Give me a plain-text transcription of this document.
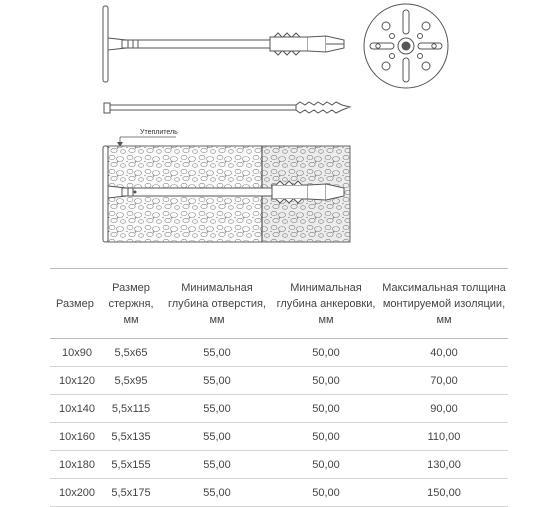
Утеплитель
Размер	Размер стержня, мм	Минимальная глубина отверстия, мм	Минимальная глубина анкеровки, мм	Максимальная толщина монтируемой изоляции, мм
10x90	5,5x65	55,00	50,00	40,00
10x120	5,5x95	55,00	50,00	70,00
10x140	5,5x115	55,00	50,00	90,00
10x160	5,5x135	55,00	50,00	110,00
10x180	5,5x155	55,00	50,00	130,00
10x200	5,5x175	55,00	50,00	150,00
